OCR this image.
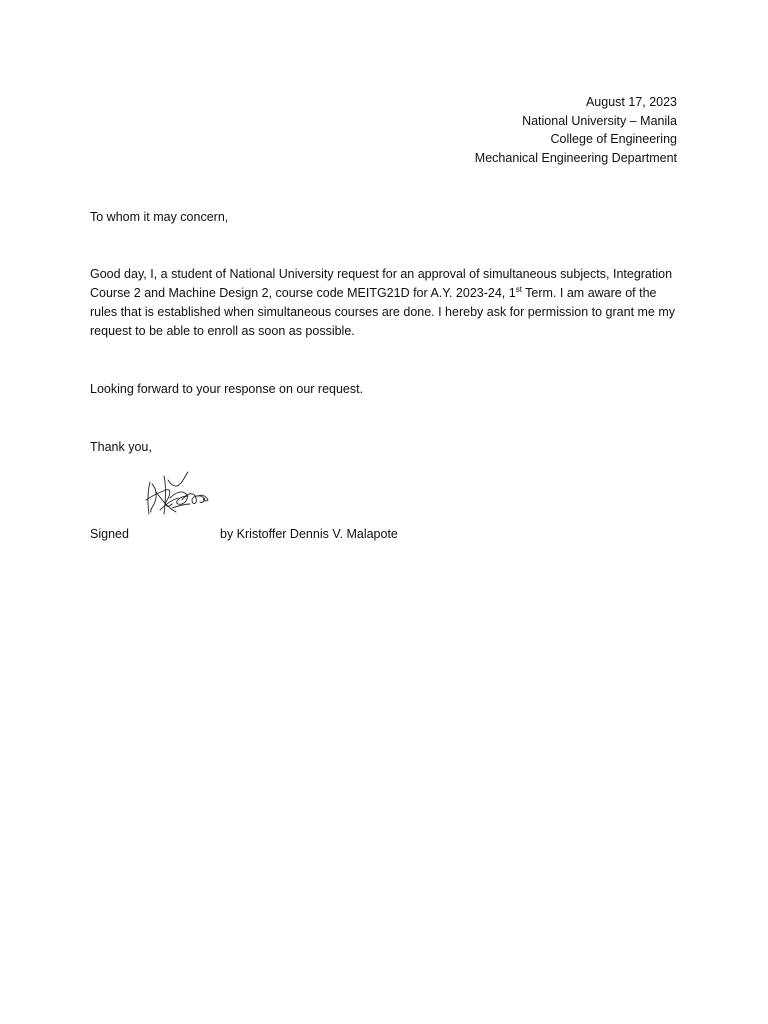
August 17, 2023
National University – Manila
College of Engineering
Mechanical Engineering Department
To whom it may concern,
Good day, I, a student of National University request for an approval of simultaneous subjects, Integration Course 2 and Machine Design 2, course code MEITG21D for A.Y. 2023-24, 1st Term. I am aware of the rules that is established when simultaneous courses are done. I hereby ask for permission to grant me my request to be able to enroll as soon as possible.
Looking forward to your response on our request.
Thank you,
Signed	by Kristoffer Dennis V. Malapote
